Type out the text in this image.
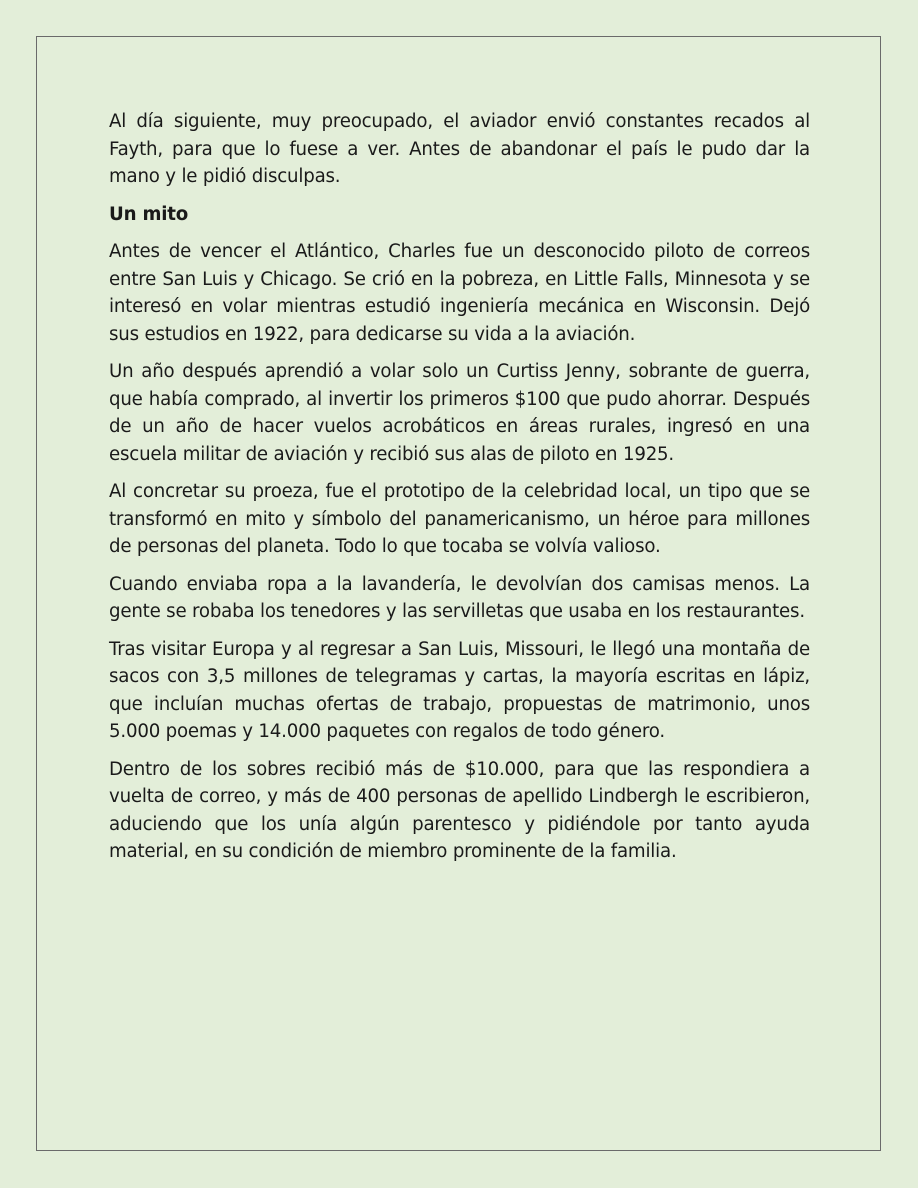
Al día siguiente, muy preocupado, el aviador envió constantes recados al Fayth, para que lo fuese a ver. Antes de abandonar el país le pudo dar la mano y le pidió disculpas.

Un mito

Antes de vencer el Atlántico, Charles fue un desconocido piloto de correos entre San Luis y Chicago. Se crió en la pobreza, en Little Falls, Minnesota y se interesó en volar mientras estudió ingeniería mecánica en Wisconsin. Dejó sus estudios en 1922, para dedicarse su vida a la aviación.

Un año después aprendió a volar solo un Curtiss Jenny, sobrante de guerra, que había comprado, al invertir los primeros $100 que pudo ahorrar. Después de un año de hacer vuelos acrobáticos en áreas rurales, ingresó en una escuela militar de aviación y recibió sus alas de piloto en 1925.

Al concretar su proeza, fue el prototipo de la celebridad local, un tipo que se transformó en mito y símbolo del panamericanismo, un héroe para millones de personas del planeta. Todo lo que tocaba se volvía valioso.

Cuando enviaba ropa a la lavandería, le devolvían dos camisas menos. La gente se robaba los tenedores y las servilletas que usaba en los restaurantes.

Tras visitar Europa y al regresar a San Luis, Missouri, le llegó una montaña de sacos con 3,5 millones de telegramas y cartas, la mayoría escritas en lápiz, que incluían muchas ofertas de trabajo, propuestas de matrimonio, unos 5.000 poemas y 14.000 paquetes con regalos de todo género.

Dentro de los sobres recibió más de $10.000, para que las respondiera a vuelta de correo, y más de 400 personas de apellido Lindbergh le escribieron, aduciendo que los unía algún parentesco y pidiéndole por tanto ayuda material, en su condición de miembro prominente de la familia.
